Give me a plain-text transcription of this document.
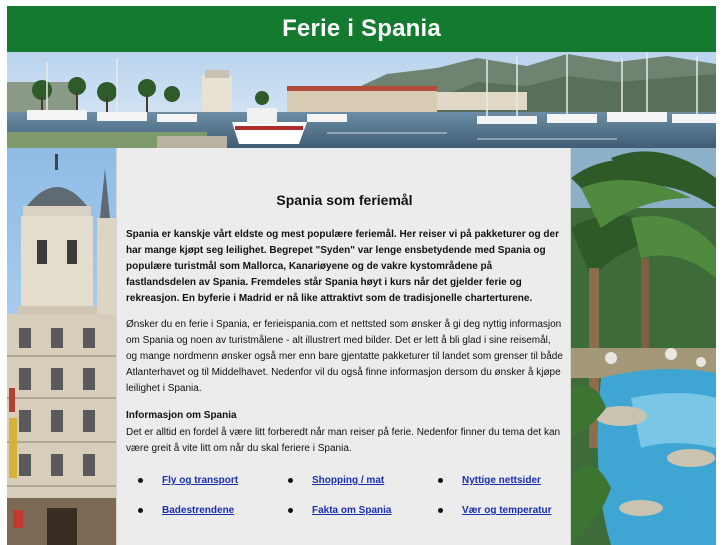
Ferie i Spania
Spania som feriemål
Spania er kanskje vårt eldste og mest populære feriemål. Her reiser vi på pakketurer og der har mange kjøpt seg leilighet. Begrepet "Syden" var lenge ensbetydende med Spania og populære turistmål som Mallorca, Kanariøyene og de vakre kystområdene på fastlandsdelen av Spania. Fremdeles står Spania høyt i kurs når det gjelder ferie og rekreasjon. En byferie i Madrid er nå like attraktivt som de tradisjonelle charterturene.
Ønsker du en ferie i Spania, er ferieispania.com et nettsted som ønsker å gi deg nyttig informasjon om Spania og noen av turistmålene - alt illustrert med bilder. Det er lett å bli glad i sine reisemål, og mange nordmenn ønsker også mer enn bare gjentatte pakketurer til landet som grenser til både Atlanterhavet og til Middelhavet. Nedenfor vil du også finne informasjon dersom du ønsker å kjøpe leilighet i Spania.
Informasjon om Spania
Det er alltid en fordel å være litt forberedt når man reiser på ferie. Nedenfor finner du tema det kan være greit å vite litt om når du skal feriere i Spania.
Fly og transport	Shopping / mat	Nyttige nettsider
Badestrendene	Fakta om Spania	Vær og temperatur
